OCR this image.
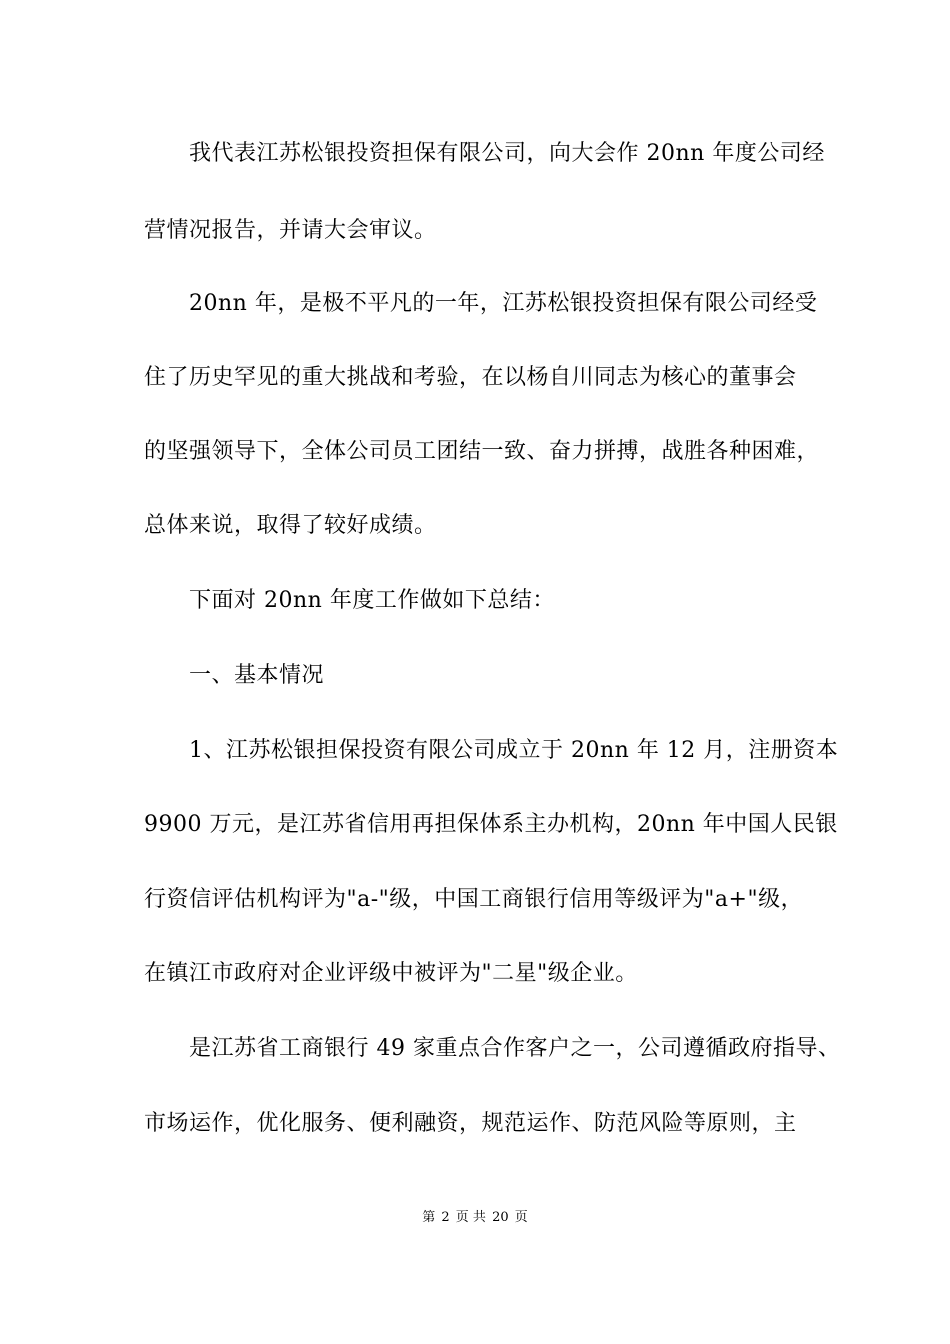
我代表江苏松银投资担保有限公司，向大会作 20nn 年度公司经
营情况报告，并请大会审议。
20nn 年，是极不平凡的一年，江苏松银投资担保有限公司经受
住了历史罕见的重大挑战和考验，在以杨自川同志为核心的董事会
的坚强领导下，全体公司员工团结一致、奋力拼搏，战胜各种困难，
总体来说，取得了较好成绩。
下面对 20nn 年度工作做如下总结：
一、基本情况
1、江苏松银担保投资有限公司成立于 20nn 年 12 月，注册资本
9900 万元，是江苏省信用再担保体系主办机构，20nn 年中国人民银
行资信评估机构评为"a-"级，中国工商银行信用等级评为"a+"级，
在镇江市政府对企业评级中被评为"二星"级企业。
是江苏省工商银行 49 家重点合作客户之一，公司遵循政府指导、
市场运作，优化服务、便利融资，规范运作、防范风险等原则，主
第 2 页 共 20 页
